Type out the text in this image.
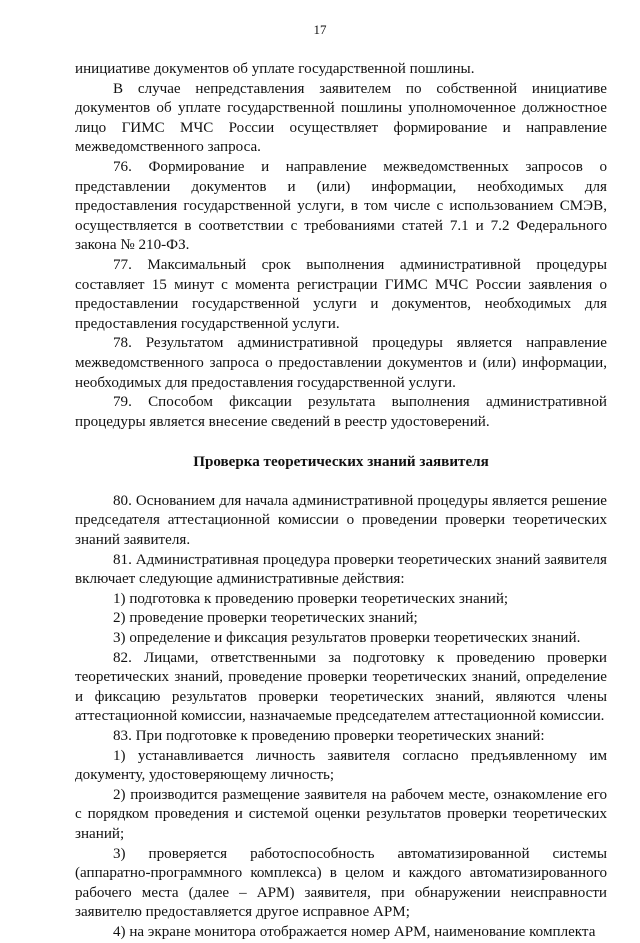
17

инициативе документов об уплате государственной пошлины.

В случае непредставления заявителем по собственной инициативе документов об уплате государственной пошлины уполномоченное должностное лицо ГИМС МЧС России осуществляет формирование и направление межведомственного запроса.

76. Формирование и направление межведомственных запросов о представлении документов и (или) информации, необходимых для предоставления государственной услуги, в том числе с использованием СМЭВ, осуществляется в соответствии с требованиями статей 7.1 и 7.2 Федерального закона № 210-ФЗ.

77. Максимальный срок выполнения административной процедуры составляет 15 минут с момента регистрации ГИМС МЧС России заявления о предоставлении государственной услуги и документов, необходимых для предоставления государственной услуги.

78. Результатом административной процедуры является направление межведомственного запроса о предоставлении документов и (или) информации, необходимых для предоставления государственной услуги.

79. Способом фиксации результата выполнения административной процедуры является внесение сведений в реестр удостоверений.

Проверка теоретических знаний заявителя

80. Основанием для начала административной процедуры является решение председателя аттестационной комиссии о проведении проверки теоретических знаний заявителя.

81. Административная процедура проверки теоретических знаний заявителя включает следующие административные действия:

1) подготовка к проведению проверки теоретических знаний;

2) проведение проверки теоретических знаний;

3) определение и фиксация результатов проверки теоретических знаний.

82. Лицами, ответственными за подготовку к проведению проверки теоретических знаний, проведение проверки теоретических знаний, определение и фиксацию результатов проверки теоретических знаний, являются члены аттестационной комиссии, назначаемые председателем аттестационной комиссии.

83. При подготовке к проведению проверки теоретических знаний:

1) устанавливается личность заявителя согласно предъявленному им документу, удостоверяющему личность;

2) производится размещение заявителя на рабочем месте, ознакомление его с порядком проведения и системой оценки результатов проверки теоретических знаний;

3) проверяется работоспособность автоматизированной системы (аппаратно-программного комплекса) в целом и каждого автоматизированного рабочего места (далее – АРМ) заявителя, при обнаружении неисправности заявителю предоставляется другое исправное АРМ;

4) на экране монитора отображается номер АРМ, наименование комплекта
